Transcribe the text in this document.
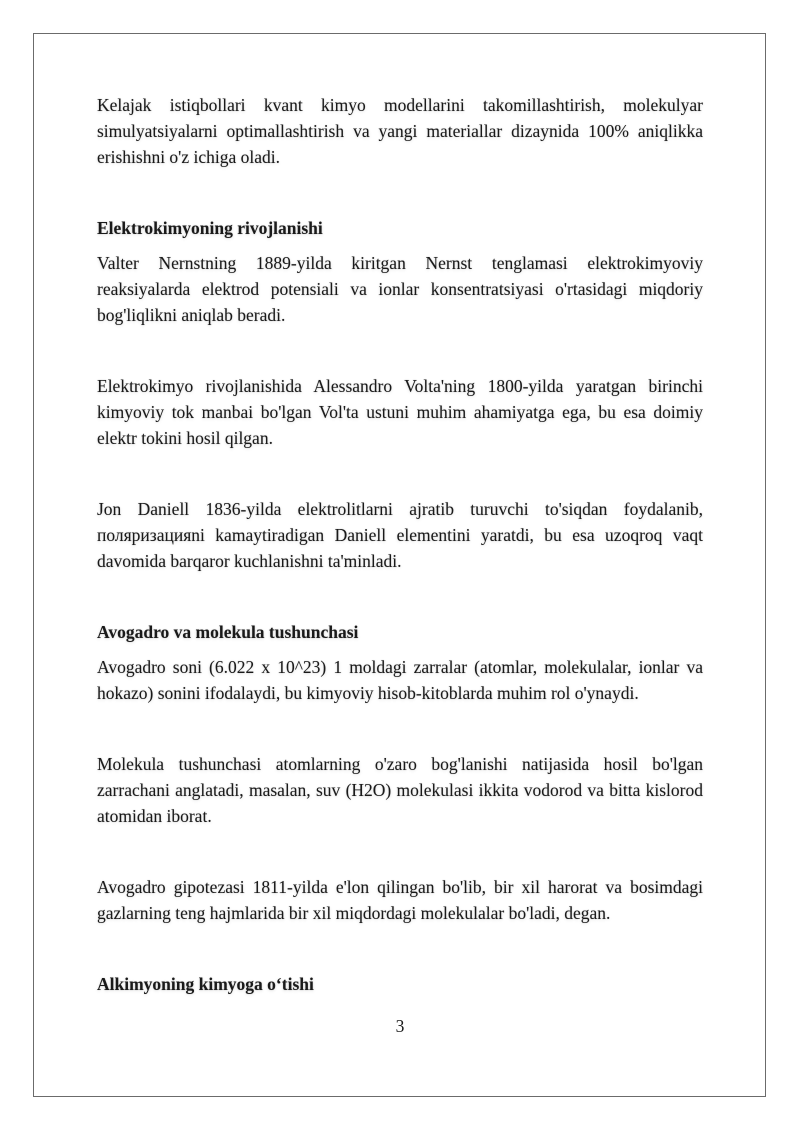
Kelajak istiqbollari kvant kimyo modellarini takomillashtirish, molekulyar simulyatsiyalarni optimallashtirish va yangi materiallar dizaynida 100% aniqlikka erishishni o'z ichiga oladi.

Elektrokimyoning rivojlanishi

Valter Nernstning 1889-yilda kiritgan Nernst tenglamasi elektrokimyoviy reaksiyalarda elektrod potensiali va ionlar konsentratsiyasi o'rtasidagi miqdoriy bog'liqlikni aniqlab beradi.

Elektrokimyo rivojlanishida Alessandro Volta'ning 1800-yilda yaratgan birinchi kimyoviy tok manbai bo'lgan Vol'ta ustuni muhim ahamiyatga ega, bu esa doimiy elektr tokini hosil qilgan.

Jon Daniell 1836-yilda elektrolitlarni ajratib turuvchi to'siqdan foydalanib, поляризацияni kamaytiradigan Daniell elementini yaratdi, bu esa uzoqroq vaqt davomida barqaror kuchlanishni ta'minladi.

Avogadro va molekula tushunchasi

Avogadro soni (6.022 x 10^23) 1 moldagi zarralar (atomlar, molekulalar, ionlar va hokazo) sonini ifodalaydi, bu kimyoviy hisob-kitoblarda muhim rol o'ynaydi.

Molekula tushunchasi atomlarning o'zaro bog'lanishi natijasida hosil bo'lgan zarrachani anglatadi, masalan, suv (H2O) molekulasi ikkita vodorod va bitta kislorod atomidan iborat.

Avogadro gipotezasi 1811-yilda e'lon qilingan bo'lib, bir xil harorat va bosimdagi gazlarning teng hajmlarida bir xil miqdordagi molekulalar bo'ladi, degan.

Alkimyoning kimyoga o‘tishi
3
